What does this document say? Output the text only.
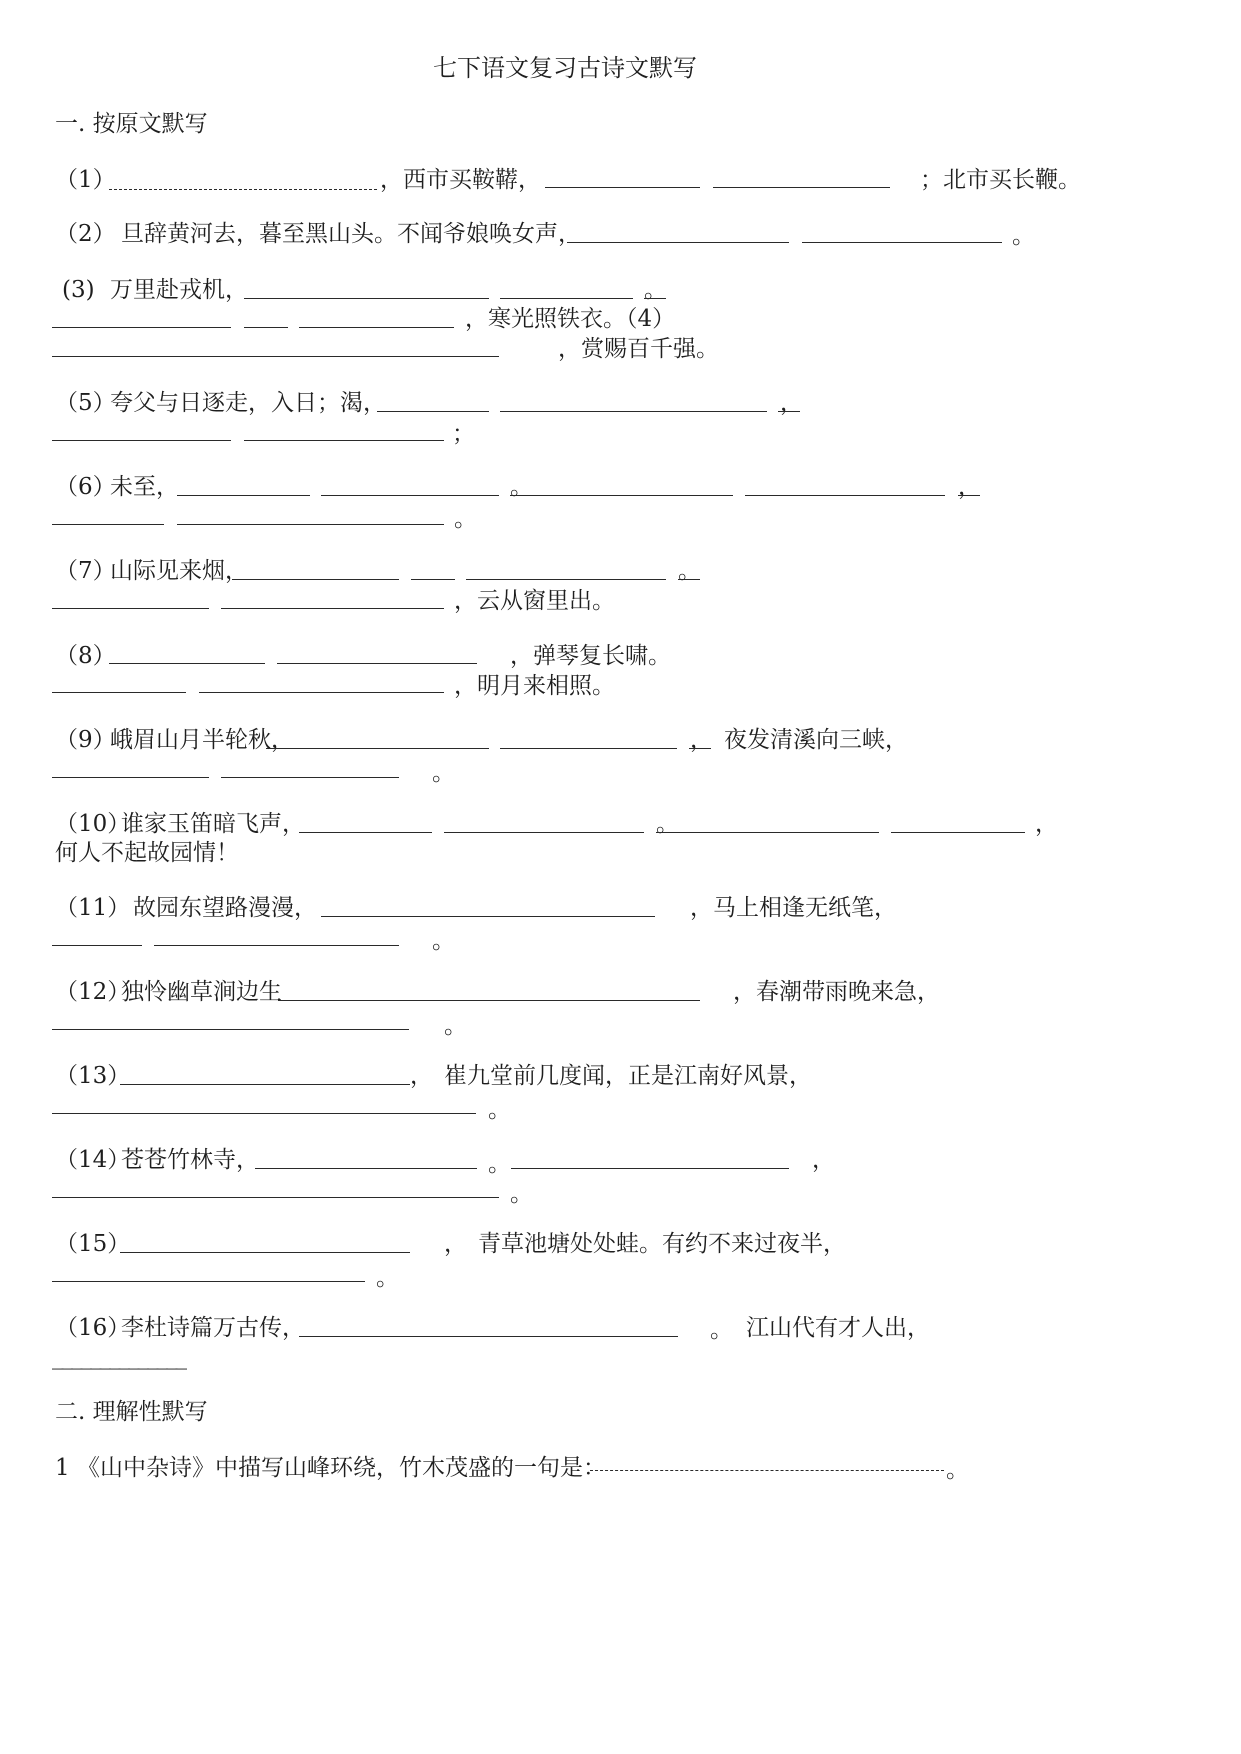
七下语文复习古诗文默写
一. 按原文默写
（1）	，西市买鞍鞯，	；北市买长鞭。
（2） 旦辞黄河去，暮至黑山头。不闻爷娘唤女声，	。
(3) 万里赴戎机，	。
，寒光照铁衣。（4）
，赏赐百千强。
（5）
夸父与日逐走，入日；渴，	，
；
（6）
未至，	。	，
。
（7）
山际见来烟，	。
，云从窗里出。
（8）	，弹琴复长啸。
，明月来相照。
（9）
峨眉山月半轮秋，	， 夜发清溪向三峡，
。
（10）
谁家玉笛暗飞声，	。	，
何人不起故园情！
（11） 故园东望路漫漫，	，马上相逢无纸笔，
。
（12）
独怜幽草涧边生	，春潮带雨晚来急，
。
（13）	， 崔九堂前几度闻，正是江南好风景，
。
（14）
苍苍竹林寺，	。	，
。
（15）	， 青草池塘处处蛙。有约不来过夜半，
。
（16）
李杜诗篇万古传，	。 江山代有才人出，
______________
二. 理解性默写
1 《山中杂诗》中描写山峰环绕，竹木茂盛的一句是：	。
